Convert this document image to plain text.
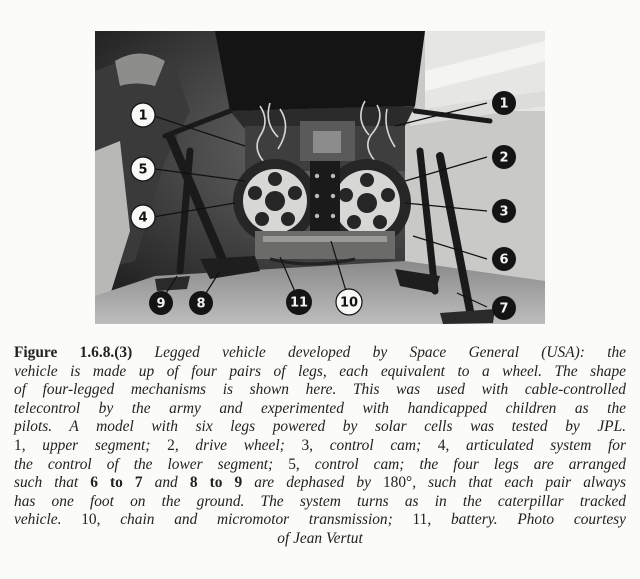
1
1
2
3
4
5
6
7
8
9	10
11
Figure 1.6.8.(3) Legged vehicle developed by Space General (USA): the
vehicle is made up of four pairs of legs, each equivalent to a wheel. The shape
of four-legged mechanisms is shown here. This was used with cable-controlled
telecontrol by the army and experimented with handicapped children as the
pilots. A model with six legs powered by solar cells was tested by JPL.
1, upper segment; 2, drive wheel; 3, control cam; 4, articulated system for
the control of the lower segment; 5, control cam; the four legs are arranged
such that 6 to 7 and 8 to 9 are dephased by 180°, such that each pair always
has one foot on the ground. The system turns as in the caterpillar tracked
vehicle. 10, chain and micromotor transmission; 11, battery. Photo courtesy
of Jean Vertut
